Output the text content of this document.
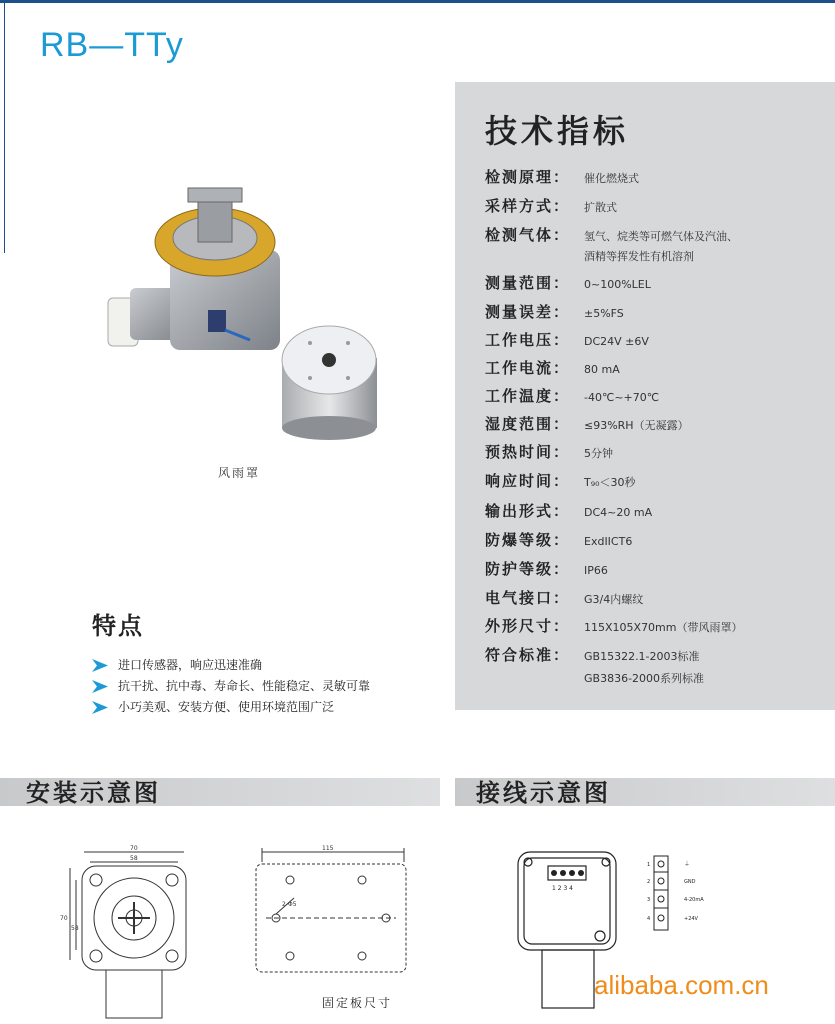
RB—TTy
风雨罩
特点
进口传感器，响应迅速准确
抗干扰、抗中毒、寿命长、性能稳定、灵敏可靠
小巧美观、安装方便、使用环境范围广泛
技术指标
检测原理： 催化燃烧式
采样方式： 扩散式
检测气体： 氢气、烷类等可燃气体及汽油、
酒精等挥发性有机溶剂
测量范围： 0~100%LEL
测量误差： ±5%FS
工作电压： DC24V ±6V
工作电流： 80 mA
工作温度： -40℃~+70℃
湿度范围： ≤93%RH（无凝露）
预热时间： 5分钟
响应时间： T₉₀＜30秒
输出形式： DC4~20 mA
防爆等级： ExdIICT6
防护等级： IP66
电气接口： G3/4内螺纹
外形尺寸： 115X105X70mm（带风雨罩）
符合标准： GB15322.1-2003标准
GB3836-2000系列标准
安装示意图	接线示意图
70
58
70
58
115
2-Φ5
固定板尺寸
1 2 3 4
1
2
3
4
⏚
GND
4-20mA
+24V
alibaba.com.cn
